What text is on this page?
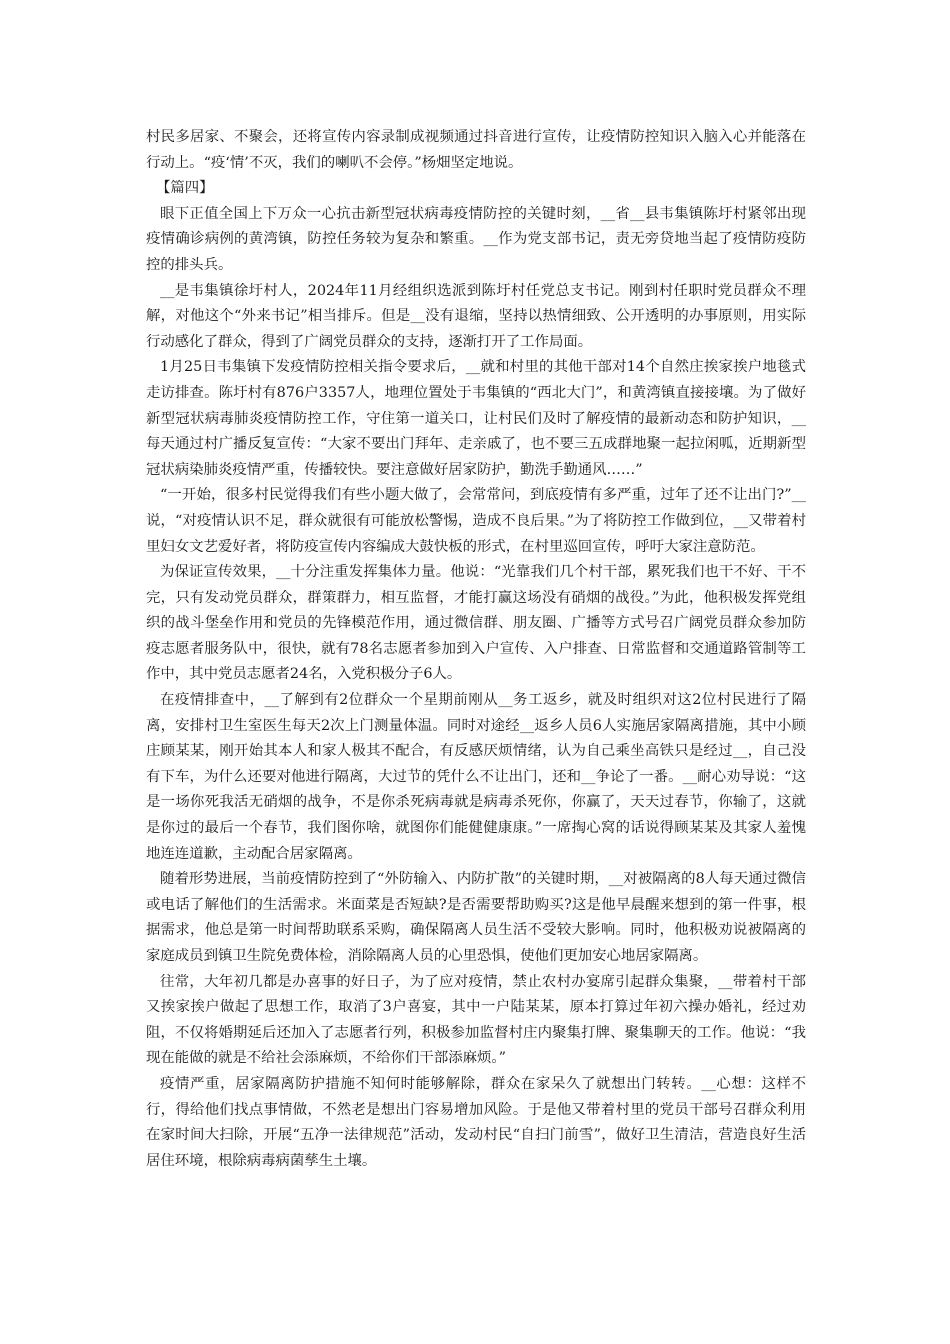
村民多居家、不聚会，还将宣传内容录制成视频通过抖音进行宣传，让疫情防控知识入脑入心并能落在行动上。“疫‘情’不灭，我们的喇叭不会停。”杨畑坚定地说。

【篇四】

眼下正值全国上下万众一心抗击新型冠状病毒疫情防控的关键时刻，__省__县韦集镇陈圩村紧邻出现疫情确诊病例的黄湾镇，防控任务较为复杂和繁重。__作为党支部书记，责无旁贷地当起了疫情防疫防控的排头兵。

__是韦集镇徐圩村人，2024年11月经组织选派到陈圩村任党总支书记。刚到村任职时党员群众不理解，对他这个“外来书记”相当排斥。但是__没有退缩，坚持以热情细致、公开透明的办事原则，用实际行动感化了群众，得到了广阔党员群众的支持，逐渐打开了工作局面。

1月25日韦集镇下发疫情防控相关指令要求后，__就和村里的其他干部对14个自然庄挨家挨户地毯式走访排查。陈圩村有876户3357人，地理位置处于韦集镇的“西北大门”，和黄湾镇直接接壤。为了做好新型冠状病毒肺炎疫情防控工作，守住第一道关口，让村民们及时了解疫情的最新动态和防护知识，__每天通过村广播反复宣传：“大家不要出门拜年、走亲戚了，也不要三五成群地聚一起拉闲呱，近期新型冠状病染肺炎疫情严重，传播较快。要注意做好居家防护，勤洗手勤通风……”

“一开始，很多村民觉得我们有些小题大做了，会常常问，到底疫情有多严重，过年了还不让出门?”__说，“对疫情认识不足，群众就很有可能放松警惕，造成不良后果。”为了将防控工作做到位，__又带着村里妇女文艺爱好者，将防疫宣传内容编成大鼓快板的形式，在村里巡回宣传，呼吁大家注意防范。

为保证宣传效果，__十分注重发挥集体力量。他说：“光靠我们几个村干部，累死我们也干不好、干不完，只有发动党员群众，群策群力，相互监督，才能打赢这场没有硝烟的战役。”为此，他积极发挥党组织的战斗堡垒作用和党员的先锋模范作用，通过微信群、朋友圈、广播等方式号召广阔党员群众参加防疫志愿者服务队中，很快，就有78名志愿者参加到入户宣传、入户排查、日常监督和交通道路管制等工作中，其中党员志愿者24名，入党积极分子6人。

在疫情排查中，__了解到有2位群众一个星期前刚从__务工返乡，就及时组织对这2位村民进行了隔离，安排村卫生室医生每天2次上门测量体温。同时对途经__返乡人员6人实施居家隔离措施，其中小顾庄顾某某，刚开始其本人和家人极其不配合，有反感厌烦情绪，认为自己乘坐高铁只是经过__，自己没有下车，为什么还要对他进行隔离，大过节的凭什么不让出门，还和__争论了一番。__耐心劝导说：“这是一场你死我活无硝烟的战争，不是你杀死病毒就是病毒杀死你，你赢了，天天过春节，你输了，这就是你过的最后一个春节，我们图你啥，就图你们能健健康康。”一席掏心窝的话说得顾某某及其家人羞愧地连连道歉，主动配合居家隔离。

随着形势进展，当前疫情防控到了“外防输入、内防扩散”的关键时期，__对被隔离的8人每天通过微信或电话了解他们的生活需求。米面菜是否短缺?是否需要帮助购买?这是他早晨醒来想到的第一件事，根据需求，他总是第一时间帮助联系采购，确保隔离人员生活不受较大影响。同时，他积极劝说被隔离的家庭成员到镇卫生院免费体检，消除隔离人员的心里恐惧，使他们更加安心地居家隔离。

往常，大年初几都是办喜事的好日子，为了应对疫情，禁止农村办宴席引起群众集聚，__带着村干部又挨家挨户做起了思想工作，取消了3户喜宴，其中一户陆某某，原本打算过年初六操办婚礼，经过劝阻，不仅将婚期延后还加入了志愿者行列，积极参加监督村庄内聚集打牌、聚集聊天的工作。他说：“我现在能做的就是不给社会添麻烦，不给你们干部添麻烦。”

疫情严重，居家隔离防护措施不知何时能够解除，群众在家呆久了就想出门转转。__心想：这样不行，得给他们找点事情做，不然老是想出门容易增加风险。于是他又带着村里的党员干部号召群众利用在家时间大扫除，开展“五净一法律规范”活动，发动村民“自扫门前雪”，做好卫生清洁，营造良好生活居住环境，根除病毒病菌孳生土壤。
